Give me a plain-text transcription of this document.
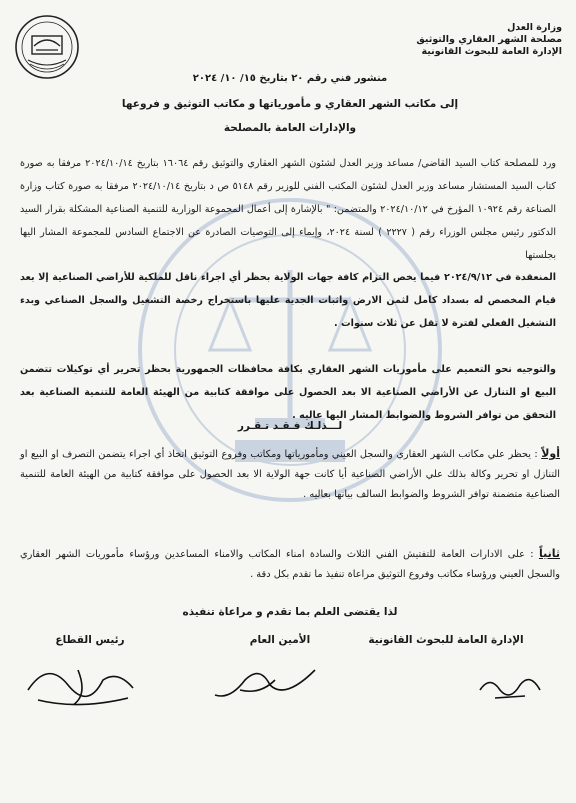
وزارة العدل
مصلحة الشهر العقاري والتوثيق
الإدارة العامة للبحوث القانونية
منشور فني رقم ٢٠ بتاريخ ١٥/ ١٠/ ٢٠٢٤
إلى مكاتب الشهر العقاري و مأمورياتها و مكاتب التوثيق و فروعها
والإدارات العامة بالمصلحة
ورد للمصلحة كتاب السيد القاضي/ مساعد وزير العدل لشئون الشهر العقاري والتوثيق رقم ١٦٠٦٤ بتاريخ ٢٠٢٤/١٠/١٤ مرفقا به صورة كتاب السيد المستشار مساعد وزير العدل لشئون المكتب الفني للوزير رقم ٥١٤٨ ص د بتاريخ ٢٠٢٤/١٠/١٤ مرفقا به صورة كتاب وزارة الصناعة رقم ١٠٩٢٤ المؤرخ في ٢٠٢٤/١٠/١٢ والمتضمن: " بالإشارة إلى أعمال المجموعة الوزارية للتنمية الصناعية المشكلة بقرار السيد الدكتور رئيس مجلس الوزراء رقم ( ٢٢٢٧ ) لسنة ٢٠٢٤، وإيماء إلى التوصيات الصادرة عن الاجتماع السادس للمجموعة المشار اليها بجلستها
المنعقدة في ٢٠٢٤/٩/١٢ فيما يخص التزام كافة جهات الولاية بحظر أي اجراء ناقل للملكية للأراضي الصناعية إلا بعد قيام المخصص له بسداد كامل لثمن الارض واثبات الجدية عليها باستخراج رخصة التشغيل والسجل الصناعي وبدء التشغيل الفعلي لفترة لا تقل عن ثلاث سنوات .
والتوجيه نحو التعميم على مأموريات الشهر العقاري بكافة محافظات الجمهورية بحظر تحرير أي توكيلات تتضمن البيع او التنازل عن الأراضي الصناعية الا بعد الحصول على موافقة كتابية من الهيئة العامة للتنمية الصناعية بعد التحقق من توافر الشروط والضوابط المشار اليها عاليه .
لـــذلـك فـقـد تـقـرر
أولاً : يحظر علي مكاتب الشهر العقاري والسجل العيني ومأمورياتها ومكاتب وفروع التوثيق اتخاذ أي اجراء يتضمن التصرف او البيع او التنازل او تحرير وكالة بذلك علي الأراضي الصناعية أيا كانت جهة الولاية الا بعد الحصول على موافقة كتابية من الهيئة العامة للتنمية الصناعية متضمنة توافر الشروط والضوابط السالف بيانها بعاليه .
ثانياً : على الادارات العامة للتفتيش الفني الثلاث والسادة امناء المكاتب والامناء المساعدين ورؤساء مأموريات الشهر العقاري والسجل العيني ورؤساء مكاتب وفروع التوثيق مراعاة تنفيذ ما تقدم بكل دقة .
لذا يقتضى العلم بما تقدم و مراعاة تنفيذه
الإدارة العامة للبحوث القانونية
الأمين العام
رئيس القطاع
